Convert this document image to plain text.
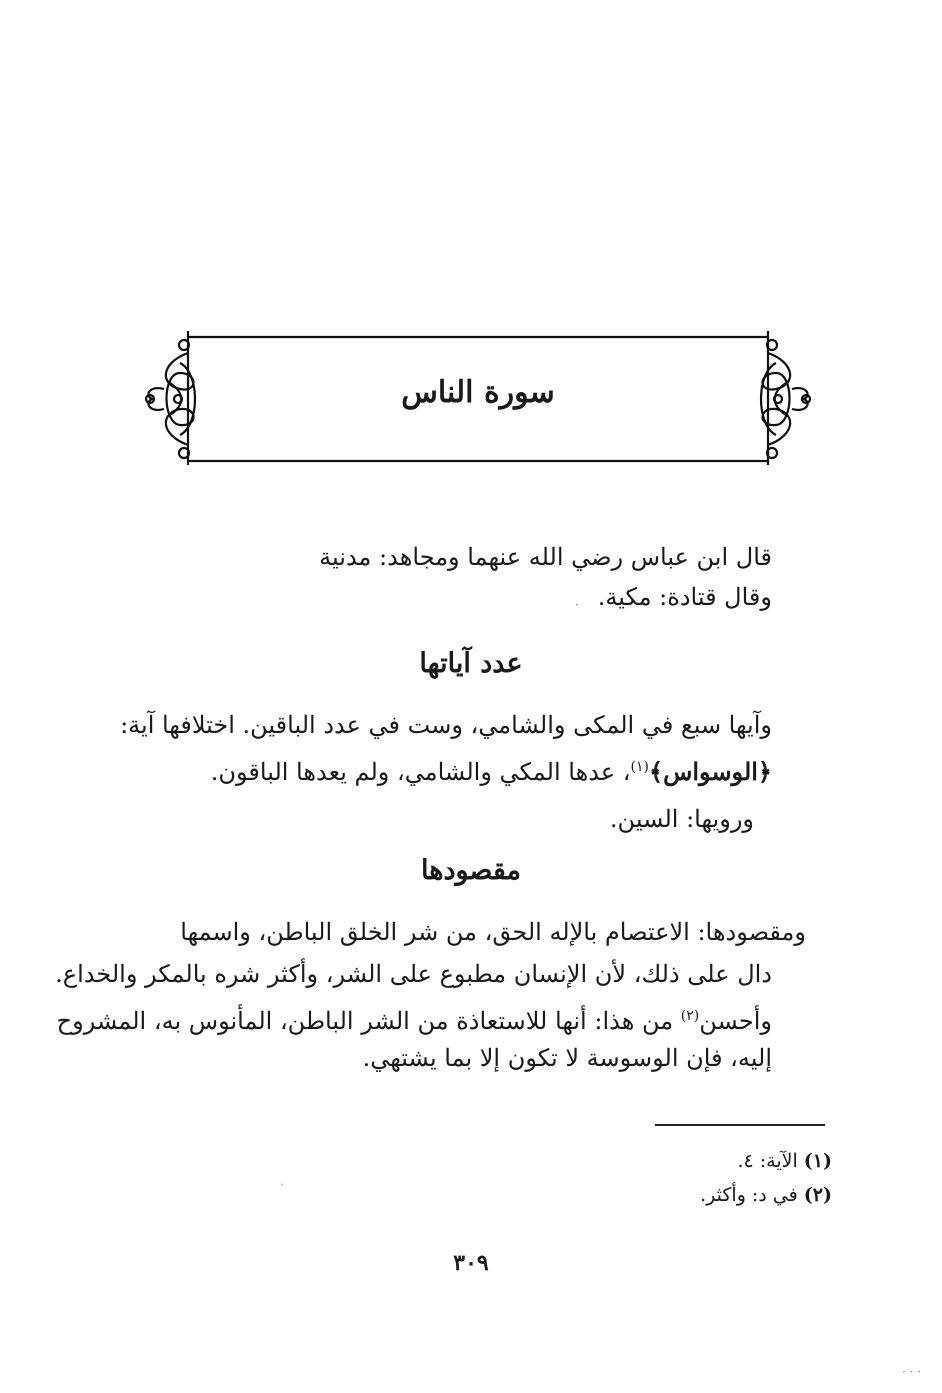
سورة الناس
قال ابن عباس رضي الله عنهما ومجاهد: مدنية
وقال قتادة: مكية.
عدد آياتها
وآيها سبع في المكى والشامي، وست في عدد الباقين. اختلافها آية:
﴿الوسواس﴾$^{(١)}$، عدها المكي والشامي، ولم يعدها الباقون.
ورويها: السين.
مقصودها
ومقصودها: الاعتصام بالإله الحق، من شر الخلق الباطن، واسمها
دال على ذلك، لأن الإنسان مطبوع على الشر، وأكثر شره بالمكر والخداع.
وأحسن$^{(٢)}$ من هذا: أنها للاستعاذة من الشر الباطن، المأنوس به، المشروح
إليه، فإن الوسوسة لا تكون إلا بما يشتهي.
(١) الآية: ٤.
(٢) في د: وأكثر.
٣٠٩
·
ˎ
· · ·
